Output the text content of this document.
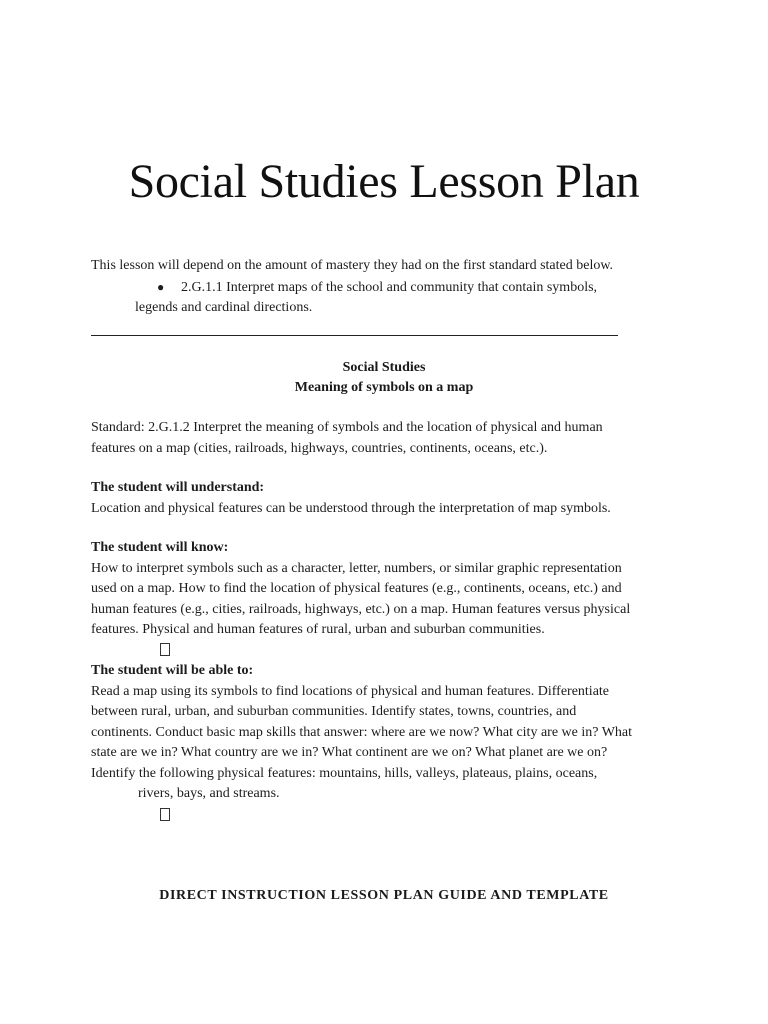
Social Studies Lesson Plan
This lesson will depend on the amount of mastery they had on the first standard stated below.
● 2.G.1.1 Interpret maps of the school and community that contain symbols,
legends and cardinal directions.
Social Studies
Meaning of symbols on a map
Standard: 2.G.1.2 Interpret the meaning of symbols and the location of physical and human
features on a map (cities, railroads, highways, countries, continents, oceans, etc.).
The student will understand:
Location and physical features can be understood through the interpretation of map symbols.
The student will know:
How to interpret symbols such as a character, letter, numbers, or similar graphic representation
used on a map. How to find the location of physical features (e.g., continents, oceans, etc.) and
human features (e.g., cities, railroads, highways, etc.) on a map. Human features versus physical
features. Physical and human features of rural, urban and suburban communities.
The student will be able to:
Read a map using its symbols to find locations of physical and human features. Differentiate
between rural, urban, and suburban communities. Identify states, towns, countries, and
continents. Conduct basic map skills that answer: where are we now? What city are we in? What
state are we in? What country are we in? What continent are we on? What planet are we on?
Identify the following physical features: mountains, hills, valleys, plateaus, plains, oceans,
rivers, bays, and streams.
DIRECT INSTRUCTION LESSON PLAN GUIDE AND TEMPLATE
